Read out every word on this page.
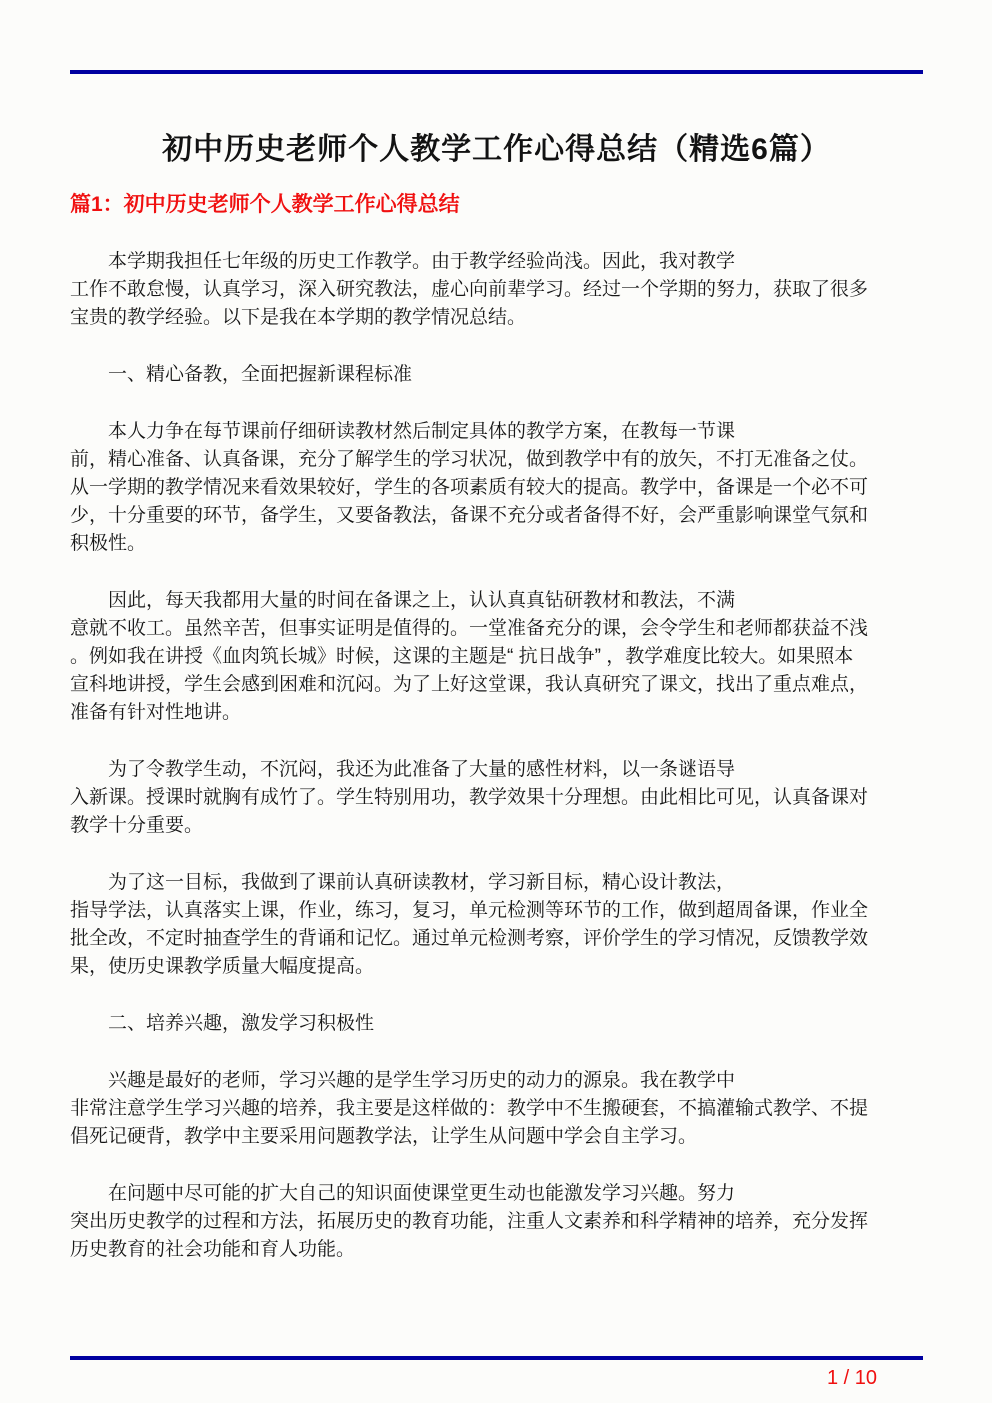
初中历史老师个人教学工作心得总结（精选6篇）
篇1：初中历史老师个人教学工作心得总结

本学期我担任七年级的历史工作教学。由于教学经验尚浅。因此，我对教学
工作不敢怠慢，认真学习，深入研究教法，虚心向前辈学习。经过一个学期的努力，获取了很多
宝贵的教学经验。以下是我在本学期的教学情况总结。

一、精心备教，全面把握新课程标准

本人力争在每节课前仔细研读教材然后制定具体的教学方案，在教每一节课
前，精心准备、认真备课，充分了解学生的学习状况，做到教学中有的放矢，不打无准备之仗。
从一学期的教学情况来看效果较好，学生的各项素质有较大的提高。教学中，备课是一个必不可
少，十分重要的环节，备学生，又要备教法，备课不充分或者备得不好，会严重影响课堂气氛和
积极性。

因此，每天我都用大量的时间在备课之上，认认真真钻研教材和教法，不满
意就不收工。虽然辛苦，但事实证明是值得的。一堂准备充分的课，会令学生和老师都获益不浅
。例如我在讲授《血肉筑长城》时候，这课的主题是“ 抗日战争” ，教学难度比较大。如果照本
宣科地讲授，学生会感到困难和沉闷。为了上好这堂课，我认真研究了课文，找出了重点难点，
准备有针对性地讲。

为了令教学生动，不沉闷，我还为此准备了大量的感性材料，以一条谜语导
入新课。授课时就胸有成竹了。学生特别用功，教学效果十分理想。由此相比可见，认真备课对
教学十分重要。

为了这一目标，我做到了课前认真研读教材，学习新目标，精心设计教法，
指导学法，认真落实上课，作业，练习，复习，单元检测等环节的工作，做到超周备课，作业全
批全改，不定时抽查学生的背诵和记忆。通过单元检测考察，评价学生的学习情况，反馈教学效
果，使历史课教学质量大幅度提高。

二、培养兴趣，激发学习积极性

兴趣是最好的老师，学习兴趣的是学生学习历史的动力的源泉。我在教学中
非常注意学生学习兴趣的培养，我主要是这样做的：教学中不生搬硬套，不搞灌输式教学、不提
倡死记硬背，教学中主要采用问题教学法，让学生从问题中学会自主学习。

在问题中尽可能的扩大自己的知识面使课堂更生动也能激发学习兴趣。努力
突出历史教学的过程和方法，拓展历史的教育功能，注重人文素养和科学精神的培养，充分发挥
历史教育的社会功能和育人功能。

1 / 10
